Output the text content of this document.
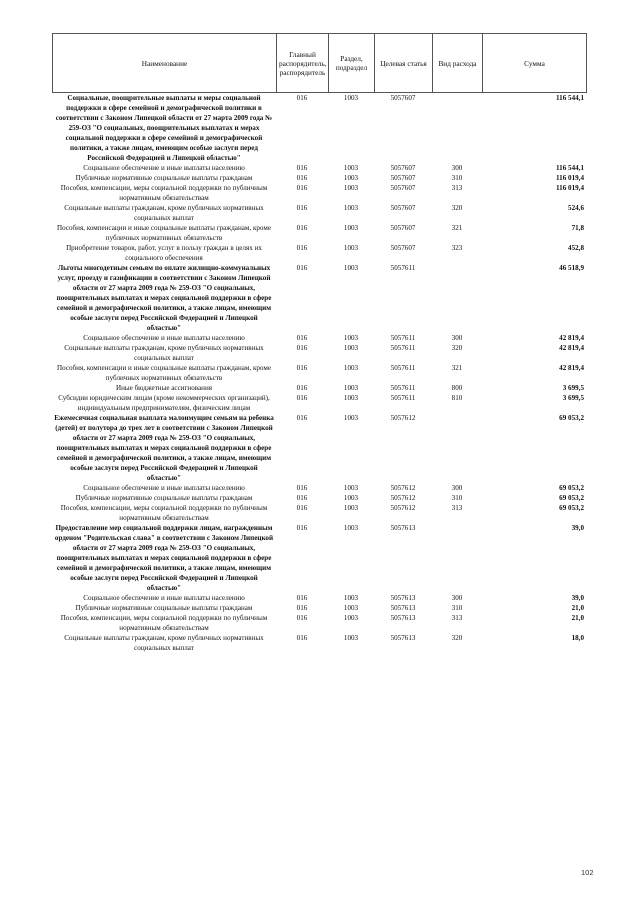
Наименование	Главный распорядитель, распорядитель	Раздел, подраздел	Целевая статья	Вид расхода	Сумма
Социальные, поощрительные выплаты и меры социальной поддержки в сфере семейной и демографической политики в соответствии с Законом Липецкой области от 27 марта 2009 года № 259-ОЗ "О социальных, поощрительных выплатах и мерах социальной поддержки в сфере семейной и демографической политики, а также лицам, имеющим особые заслуги перед Российской Федерацией и Липецкой областью"	016	1003	5057607		116 544,1
Социальное обеспечение и иные выплаты населению	016	1003	5057607	300	116 544,1
Публичные нормативные социальные выплаты гражданам	016	1003	5057607	310	116 019,4
Пособия, компенсации, меры социальной поддержки по публичным нормативным обязательствам	016	1003	5057607	313	116 019,4
Социальные выплаты гражданам, кроме публичных нормативных социальных выплат	016	1003	5057607	320	524,6
Пособия, компенсации и иные социальные выплаты гражданам, кроме публичных нормативных обязательств	016	1003	5057607	321	71,8
Приобретение товаров, работ, услуг в пользу граждан в целях их социального обеспечения	016	1003	5057607	323	452,8
Льготы многодетным семьям по оплате жилищно-коммунальных услуг, проезду и газификации в соответствии с Законом Липецкой области от 27 марта 2009 года № 259-ОЗ "О социальных, поощрительных выплатах и мерах социальной поддержки в сфере семейной и демографической политики, а также лицам, имеющим особые заслуги перед Российской Федерацией и Липецкой областью"	016	1003	5057611		46 518,9
Социальное обеспечение и иные выплаты населению	016	1003	5057611	300	42 819,4
Социальные выплаты гражданам, кроме публичных нормативных социальных выплат	016	1003	5057611	320	42 819,4
Пособия, компенсации и иные социальные выплаты гражданам, кроме публичных нормативных обязательств	016	1003	5057611	321	42 819,4
Иные бюджетные ассигнования	016	1003	5057611	800	3 699,5
Субсидии юридическим лицам (кроме некоммерческих организаций), индивидуальным предпринимателям, физическим лицам	016	1003	5057611	810	3 699,5
Ежемесячная социальная выплата малоимущим семьям на ребенка (детей) от полутора до трех лет в соответствии с Законом Липецкой области от 27 марта 2009 года № 259-ОЗ "О социальных, поощрительных выплатах и мерах социальной поддержки в сфере семейной и демографической политики, а также лицам, имеющим особые заслуги перед Российской Федерацией и Липецкой областью"	016	1003	5057612		69 053,2
Социальное обеспечение и иные выплаты населению	016	1003	5057612	300	69 053,2
Публичные нормативные социальные выплаты гражданам	016	1003	5057612	310	69 053,2
Пособия, компенсации, меры социальной поддержки по публичным нормативным обязательствам	016	1003	5057612	313	69 053,2
Предоставление мер социальной поддержки лицам, награжденным орденом "Родительская слава" в соответствии с Законом Липецкой области от 27 марта 2009 года № 259-ОЗ "О социальных, поощрительных выплатах и мерах социальной поддержки в сфере семейной и демографической политики, а также лицам, имеющим особые заслуги перед Российской Федерацией и Липецкой областью"	016	1003	5057613		39,0
Социальное обеспечение и иные выплаты населению	016	1003	5057613	300	39,0
Публичные нормативные социальные выплаты гражданам	016	1003	5057613	310	21,0
Пособия, компенсации, меры социальной поддержки по публичным нормативным обязательствам	016	1003	5057613	313	21,0
Социальные выплаты гражданам, кроме публичных нормативных социальных выплат	016	1003	5057613	320	18,0
102
